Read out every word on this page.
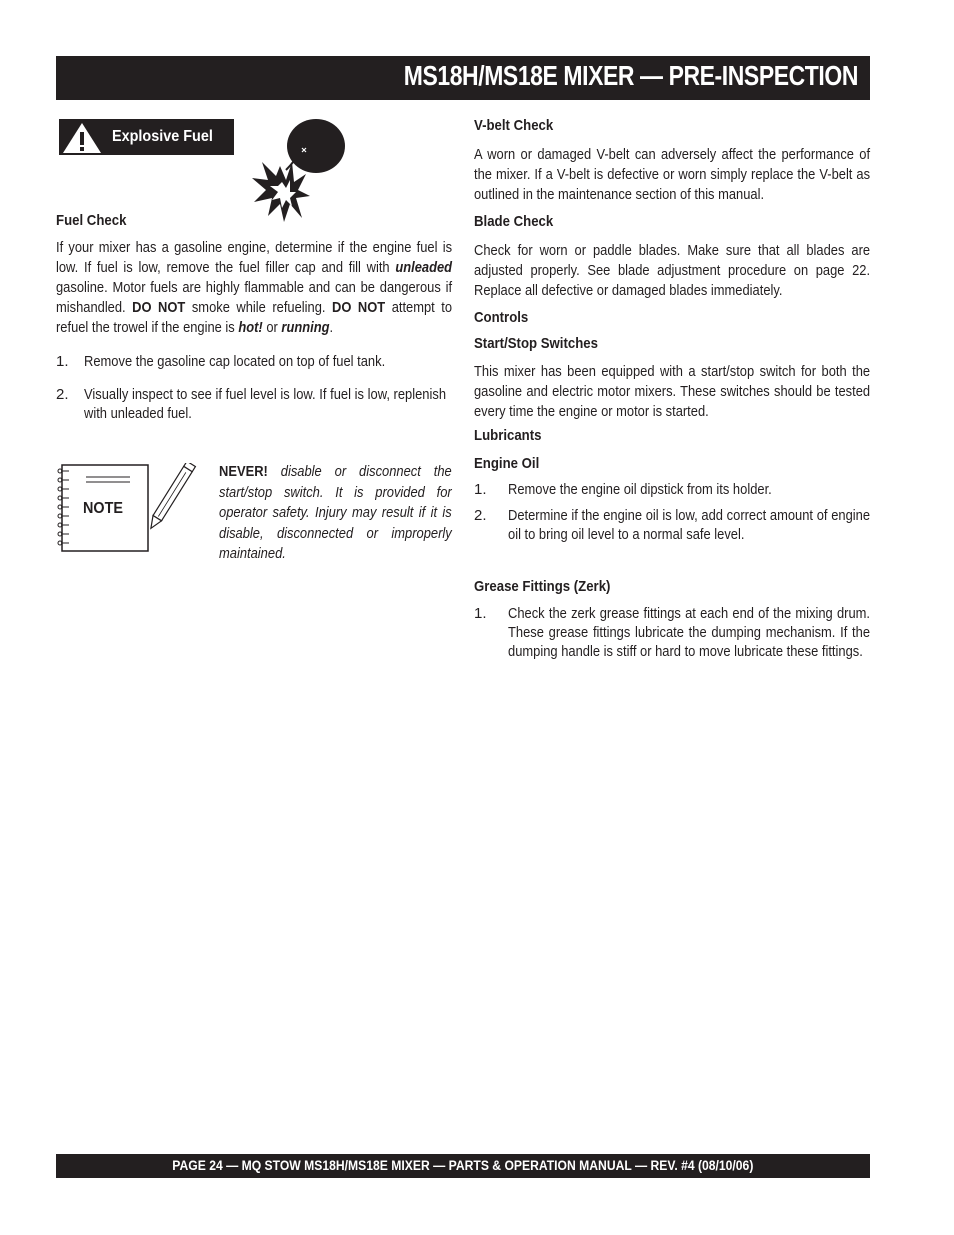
MS18H/MS18E MIXER — PRE-INSPECTION
Explosive Fuel
Fuel Check
If your mixer has a gasoline engine, determine if the engine fuel is low. If fuel is low, remove the fuel filler cap and fill with unleaded gasoline. Motor fuels are highly flammable and can be dangerous if mishandled. DO NOT smoke while refueling. DO NOT attempt to refuel the trowel if the engine is hot! or running.
1. Remove the gasoline cap located on top of fuel tank.
2. Visually inspect to see if fuel level is low. If fuel is low, replenish with unleaded fuel.
NOTE
NEVER! disable or disconnect the start/stop switch. It is provided for operator safety. Injury may result if it is disable, disconnected or improperly maintained.
V-belt Check
A worn or damaged V-belt can adversely affect the performance of the mixer. If a V-belt is defective or worn simply replace the V-belt as outlined in the maintenance section of this manual.
Blade Check
Check for worn or paddle blades. Make sure that all blades are adjusted properly. See blade adjustment procedure on page 22. Replace all defective or damaged blades immediately.
Controls
Start/Stop Switches
This mixer has been equipped with a start/stop switch for both the gasoline and electric motor mixers. These switches should be tested every time the engine or motor is started.
Lubricants
Engine Oil
1. Remove the engine oil dipstick from its holder.
2. Determine if the engine oil is low, add correct amount of engine oil to bring oil level to a normal safe level.
Grease Fittings (Zerk)
1. Check the zerk grease fittings at each end of the mixing drum. These grease fittings lubricate the dumping mechanism. If the dumping handle is stiff or hard to move lubricate these fittings.
PAGE 24 — MQ STOW MS18H/MS18E MIXER — PARTS & OPERATION MANUAL — REV. #4 (08/10/06)
